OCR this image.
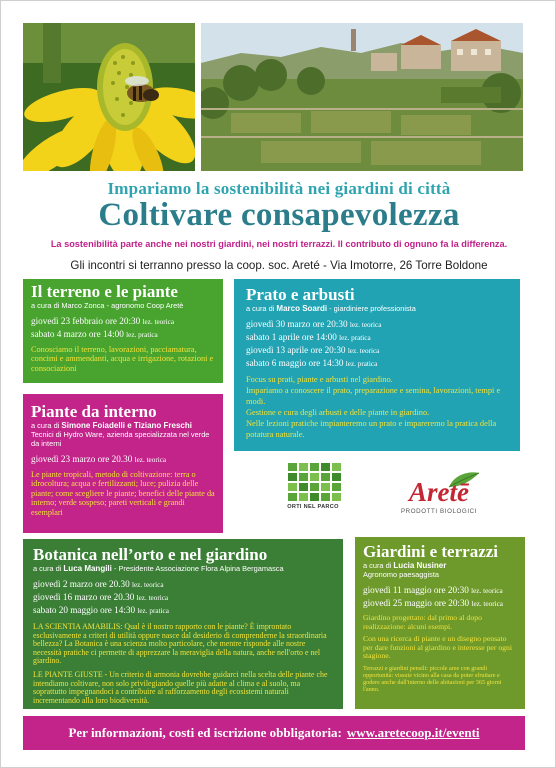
Impariamo la sostenibilità nei giardini di città
Coltivare consapevolezza
La sostenibilità parte anche nei nostri giardini, nei nostri terrazzi. Il contributo di ognuno fa la differenza.
Gli incontri si terranno presso la coop. soc. Areté - Via Imotorre, 26 Torre Boldone
Il terreno e le piante
a cura di Marco Zonca - agronomo Coop Aretè
giovedì 23 febbraio ore 20:30 lez. teorica
sabato 4 marzo ore 14:00 lez. pratica
Conosciamo il terreno, lavorazioni, pacciamatura, concimi e ammendanti, acqua e irrigazione, rotazioni e consociazioni
Prato e arbusti
a cura di Marco Soardi - giardiniere professionista
giovedì 30 marzo ore 20:30 lez. teorica
sabato 1 aprile ore 14:00 lez. pratica
giovedì 13 aprile ore 20:30 lez. teorica
sabato 6 maggio ore 14:30 lez. pratica
Focus su prati, piante e arbusti nel giardino.
Impariamo a conoscere il prato, preparazione e semina, lavorazioni, tempi e modi.
Gestione e cura degli arbusti e delle piante in giardino.
Nelle lezioni pratiche impianteremo un prato e impareremo la pratica della potatura naturale.
Piante da interno
a cura di Simone Foiadelli e Tiziano Freschi Tecnici di Hydro Ware, azienda specializzata nel verde da interni
giovedì 23 marzo ore 20.30 lez. teorica
Le piante tropicali, metodo di coltivazione: terra o idrocoltura; acqua e fertilizzanti; luce; pulizia delle piante; come scegliere le piante; benefici delle piante da interno; verde sospeso; pareti verticali e grandi esemplari
ORTI NEL PARCO	Aretē
PRODOTTI BIOLOGICI
Botanica nell’orto e nel giardino
a cura di Luca Mangili - Presidente Associazione Flora Alpina Bergamasca
giovedì 2 marzo ore 20.30 lez. teorica
giovedì 16 marzo ore 20.30 lez. teorica
sabato 20 maggio ore 14:30 lez. pratica

LA SCIENTIA AMABILIS: Qual è il nostro rapporto con le piante? È improntato esclusivamente a criteri di utilità oppure nasce dal desiderio di comprenderne la straordinaria bellezza? La Botanica è una scienza molto particolare, che mentre risponde alle nostre necessità pratiche ci permette di apprezzare la meraviglia della natura, anche nell'orto e nel giardino.

LE PIANTE GIUSTE - Un criterio di armonia dovrebbe guidarci nella scelta delle piante che intendiamo coltivare, non solo privilegiando quelle più adatte al clima e al suolo, ma soprattutto impegnandoci a contribuire al rafforzamento degli ecosistemi naturali incrementando alla loro biodiversità.

Giardini e terrazzi
a cura di Lucia Nusiner
Agronomo paesaggista
giovedì 11 maggio ore 20:30 lez. teorica
giovedì 25 maggio ore 20:30 lez. teorica

Giardino progettato: dal primo al dopo realizzazione: alcuni esempi.

Con una ricerca di piante e un disegno pensato per dare funzioni al giardino e interesse per ogni stagione.

Terrazzi e giardini pensili: piccole aree con grandi opportunità: vissute vicino alla casa da poter sfruttare e godere anche dall'interno delle abitazioni per 365 giorni l'anno.

Per informazioni, costi ed iscrizione obbligatoria: www.aretecoop.it/eventi
